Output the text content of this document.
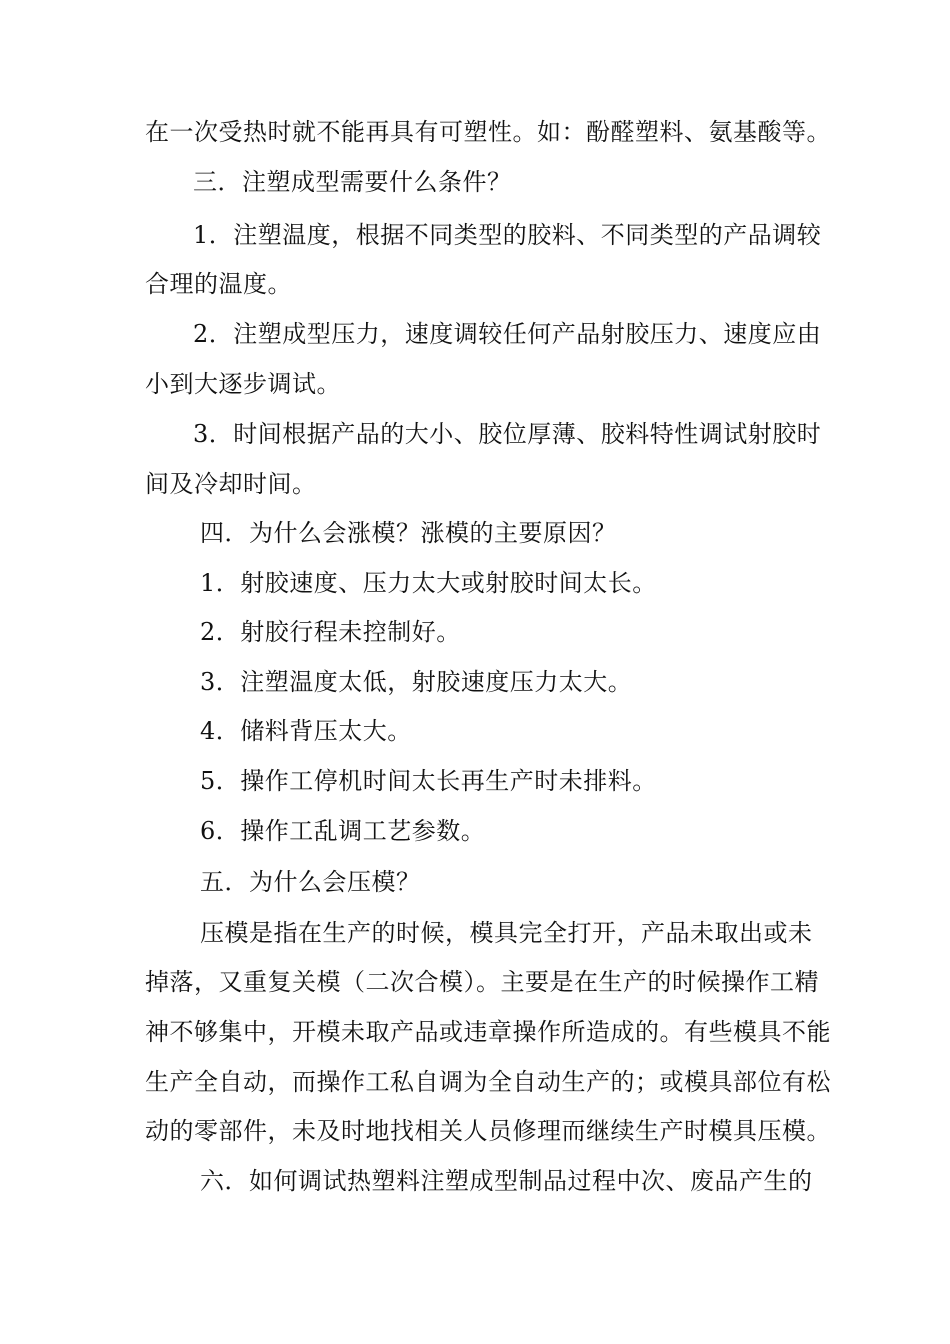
在一次受热时就不能再具有可塑性。如：酚醛塑料、氨基酸等。
三．注塑成型需要什么条件？
1．注塑温度，根据不同类型的胶料、不同类型的产品调较
合理的温度。
2．注塑成型压力，速度调较任何产品射胶压力、速度应由
小到大逐步调试。
3．时间根据产品的大小、胶位厚薄、胶料特性调试射胶时
间及冷却时间。
四．为什么会涨模？涨模的主要原因？
1．射胶速度、压力太大或射胶时间太长。
2．射胶行程未控制好。
3．注塑温度太低，射胶速度压力太大。
4．储料背压太大。
5．操作工停机时间太长再生产时未排料。
6．操作工乱调工艺参数。
五．为什么会压模？
压模是指在生产的时候，模具完全打开，产品未取出或未
掉落，又重复关模（二次合模）。主要是在生产的时候操作工精
神不够集中，开模未取产品或违章操作所造成的。有些模具不能
生产全自动，而操作工私自调为全自动生产的；或模具部位有松
动的零部件，未及时地找相关人员修理而继续生产时模具压模。
六．如何调试热塑料注塑成型制品过程中次、废品产生的
